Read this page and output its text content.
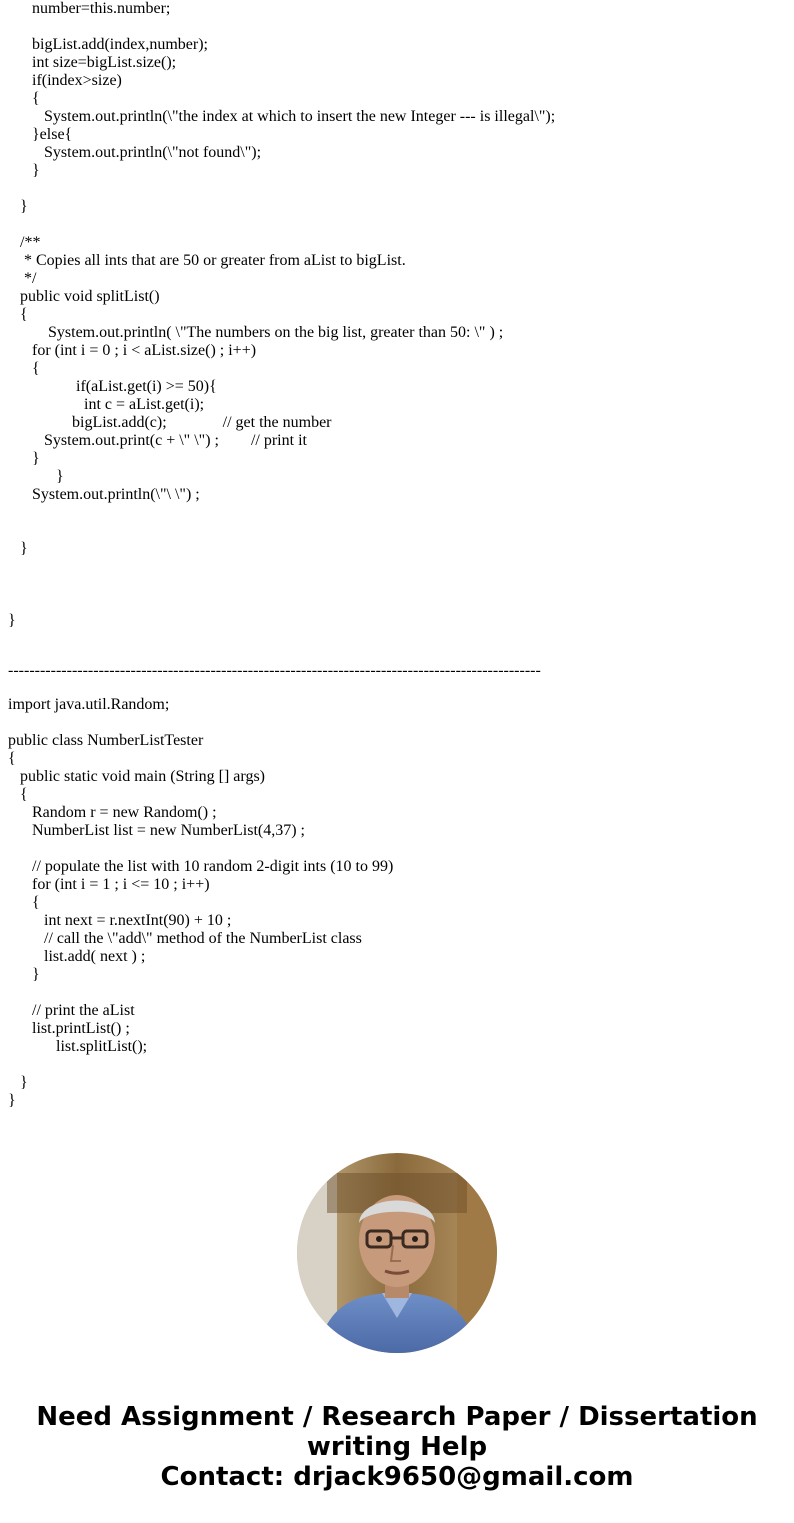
number=this.number;
bigList.add(index,number);
int size=bigList.size();
if(index>size)
{
System.out.println(\"the index at which to insert the new Integer --- is illegal\");
}else{
System.out.println(\"not found\");
}
}
/**
* Copies all ints that are 50 or greater from aList to bigList.
*/
public void splitList()
{
System.out.println( \"The numbers on the big list, greater than 50: \" ) ;
for (int i = 0 ; i < aList.size() ; i++)
{
if(aList.get(i) >= 50){
int c = aList.get(i);
bigList.add(c);              // get the number
System.out.print(c + \" \") ;        // print it
}
}
System.out.println(\"\ \") ;
}
}
----------------------------------------------------------------------------------------------------
import java.util.Random;
public class NumberListTester
{
public static void main (String [] args)
{
Random r = new Random() ;
NumberList list = new NumberList(4,37) ;
// populate the list with 10 random 2-digit ints (10 to 99)
for (int i = 1 ; i <= 10 ; i++)
{
int next = r.nextInt(90) + 10 ;
// call the \"add\" method of the NumberList class
list.add( next ) ;
}
// print the aList
list.printList() ;
list.splitList();
}
}
Need Assignment / Research Paper / Dissertation
writing Help
Contact: drjack9650@gmail.com
